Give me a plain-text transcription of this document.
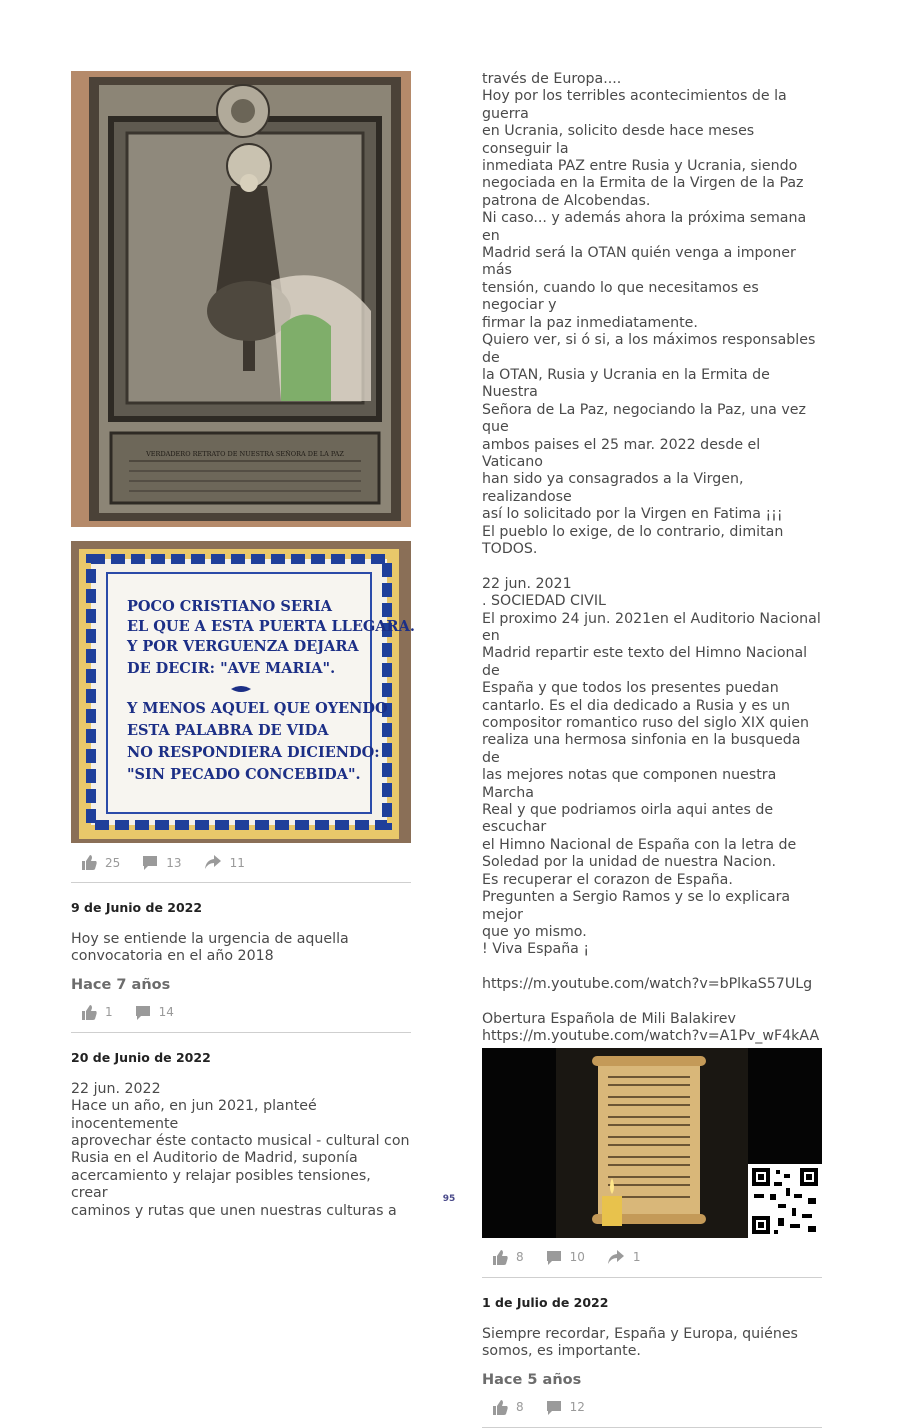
VERDADERO RETRATO DE NUESTRA SEÑORA DE LA PAZ
POCO CRISTIANO SERIA
EL QUE A ESTA PUERTA LLEGARA.
Y POR VERGUENZA DEJARA
DE DECIR: "AVE MARIA".
Y MENOS AQUEL QUE OYENDO
ESTA PALABRA DE VIDA
NO RESPONDIERA DICIENDO:
"SIN PECADO CONCEBIDA".
25	13	11
9 de Junio de 2022
Hoy se entiende la urgencia de aquella
convocatoria en el año 2018
Hace 7 años
1	14
20 de Junio de 2022
22 jun. 2022
Hace un año, en jun 2021, planteé inocentemente
aprovechar éste contacto musical - cultural con
Rusia en el Auditorio de Madrid, suponía
acercamiento y relajar posibles tensiones, crear
caminos y rutas que unen nuestras culturas a
través de Europa....
Hoy por los terribles acontecimientos de la guerra
en Ucrania, solicito desde hace meses conseguir la
inmediata PAZ entre Rusia y Ucrania, siendo
negociada en la Ermita de la Virgen de la Paz
patrona de Alcobendas.
Ni caso... y además ahora la próxima semana en
Madrid será la OTAN quién venga a imponer más
tensión, cuando lo que necesitamos es negociar y
firmar la paz inmediatamente.
Quiero ver, si ó si, a los máximos responsables de
la OTAN, Rusia y Ucrania en la Ermita de Nuestra
Señora de La Paz, negociando la Paz, una vez que
ambos paises el 25 mar. 2022 desde el Vaticano
han sido ya consagrados a la Virgen, realizandose
así lo solicitado por la Virgen en Fatima ¡¡¡
El pueblo lo exige, de lo contrario, dimitan TODOS.

22 jun. 2021
. SOCIEDAD CIVIL
El proximo 24 jun. 2021en el Auditorio Nacional en
Madrid repartir este texto del Himno Nacional de
España y que todos los presentes puedan
cantarlo. Es el dia dedicado a Rusia y es un
compositor romantico ruso del siglo XIX quien
realiza una hermosa sinfonia en la busqueda de
las mejores notas que componen nuestra Marcha
Real y que podriamos oirla aqui antes de escuchar
el Himno Nacional de España con la letra de
Soledad por la unidad de nuestra Nacion.
Es recuperar el corazon de España.
Pregunten a Sergio Ramos y se lo explicara mejor
que yo mismo.
! Viva España ¡

https://m.youtube.com/watch?v=bPlkaS57ULg

Obertura Española de Mili Balakirev
https://m.youtube.com/watch?v=A1Pv_wF4kAA
8	10	1
1 de Julio de 2022
Siempre recordar, España y Europa, quiénes
somos, es importante.
Hace 5 años
8	12
95
